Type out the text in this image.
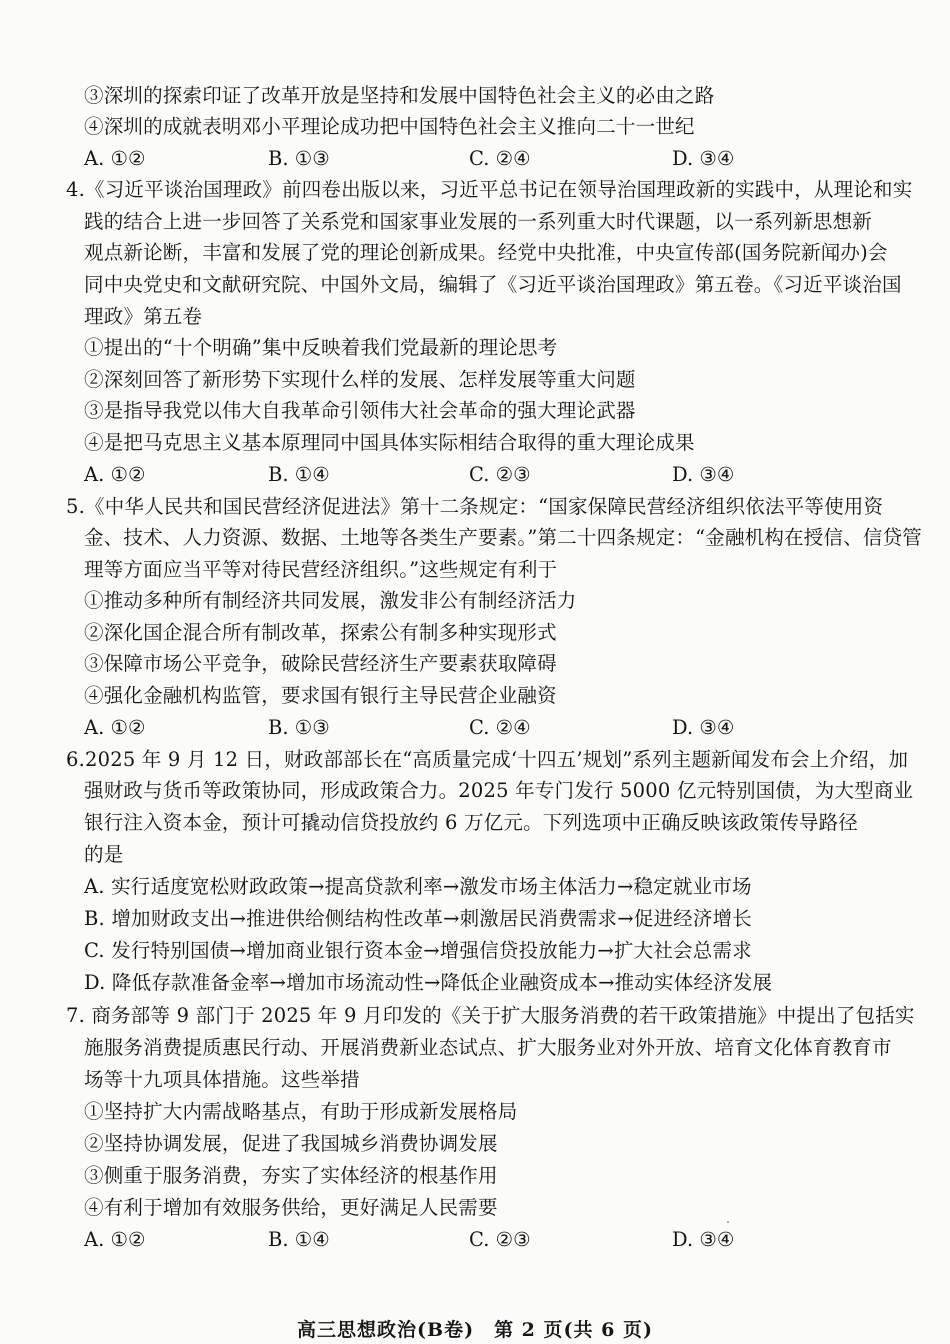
③深圳的探索印证了改革开放是坚持和发展中国特色社会主义的必由之路
④深圳的成就表明邓小平理论成功把中国特色社会主义推向二十一世纪
A. ①②	B. ①③	C. ②④	D. ③④
4.《习近平谈治国理政》前四卷出版以来，习近平总书记在领导治国理政新的实践中，从理论和实
践的结合上进一步回答了关系党和国家事业发展的一系列重大时代课题，以一系列新思想新
观点新论断，丰富和发展了党的理论创新成果。经党中央批准，中央宣传部(国务院新闻办)会
同中央党史和文献研究院、中国外文局，编辑了《习近平谈治国理政》第五卷。《习近平谈治国
理政》第五卷
①提出的“十个明确”集中反映着我们党最新的理论思考
②深刻回答了新形势下实现什么样的发展、怎样发展等重大问题
③是指导我党以伟大自我革命引领伟大社会革命的强大理论武器
④是把马克思主义基本原理同中国具体实际相结合取得的重大理论成果
A. ①②	B. ①④	C. ②③	D. ③④
5.《中华人民共和国民营经济促进法》第十二条规定：“国家保障民营经济组织依法平等使用资
金、技术、人力资源、数据、土地等各类生产要素。”第二十四条规定：“金融机构在授信、信贷管
理等方面应当平等对待民营经济组织。”这些规定有利于
①推动多种所有制经济共同发展，激发非公有制经济活力
②深化国企混合所有制改革，探索公有制多种实现形式
③保障市场公平竞争，破除民营经济生产要素获取障碍
④强化金融机构监管，要求国有银行主导民营企业融资
A. ①②	B. ①③	C. ②④	D. ③④
6.2025 年 9 月 12 日，财政部部长在“高质量完成‘十四五’规划”系列主题新闻发布会上介绍，加
强财政与货币等政策协同，形成政策合力。2025 年专门发行 5000 亿元特别国债，为大型商业
银行注入资本金，预计可撬动信贷投放约 6 万亿元。下列选项中正确反映该政策传导路径
的是
A. 实行适度宽松财政政策→提高贷款利率→激发市场主体活力→稳定就业市场
B. 增加财政支出→推进供给侧结构性改革→刺激居民消费需求→促进经济增长
C. 发行特别国债→增加商业银行资本金→增强信贷投放能力→扩大社会总需求
D. 降低存款准备金率→增加市场流动性→降低企业融资成本→推动实体经济发展
7. 商务部等 9 部门于 2025 年 9 月印发的《关于扩大服务消费的若干政策措施》中提出了包括实
施服务消费提质惠民行动、开展消费新业态试点、扩大服务业对外开放、培育文化体育教育市
场等十九项具体措施。这些举措
①坚持扩大内需战略基点，有助于形成新发展格局
②坚持协调发展，促进了我国城乡消费协调发展
③侧重于服务消费，夯实了实体经济的根基作用
④有利于增加有效服务供给，更好满足人民需要
A. ①②	B. ①④	C. ②③	D. ③④
高三思想政治(B卷)　第 2 页(共 6 页)
